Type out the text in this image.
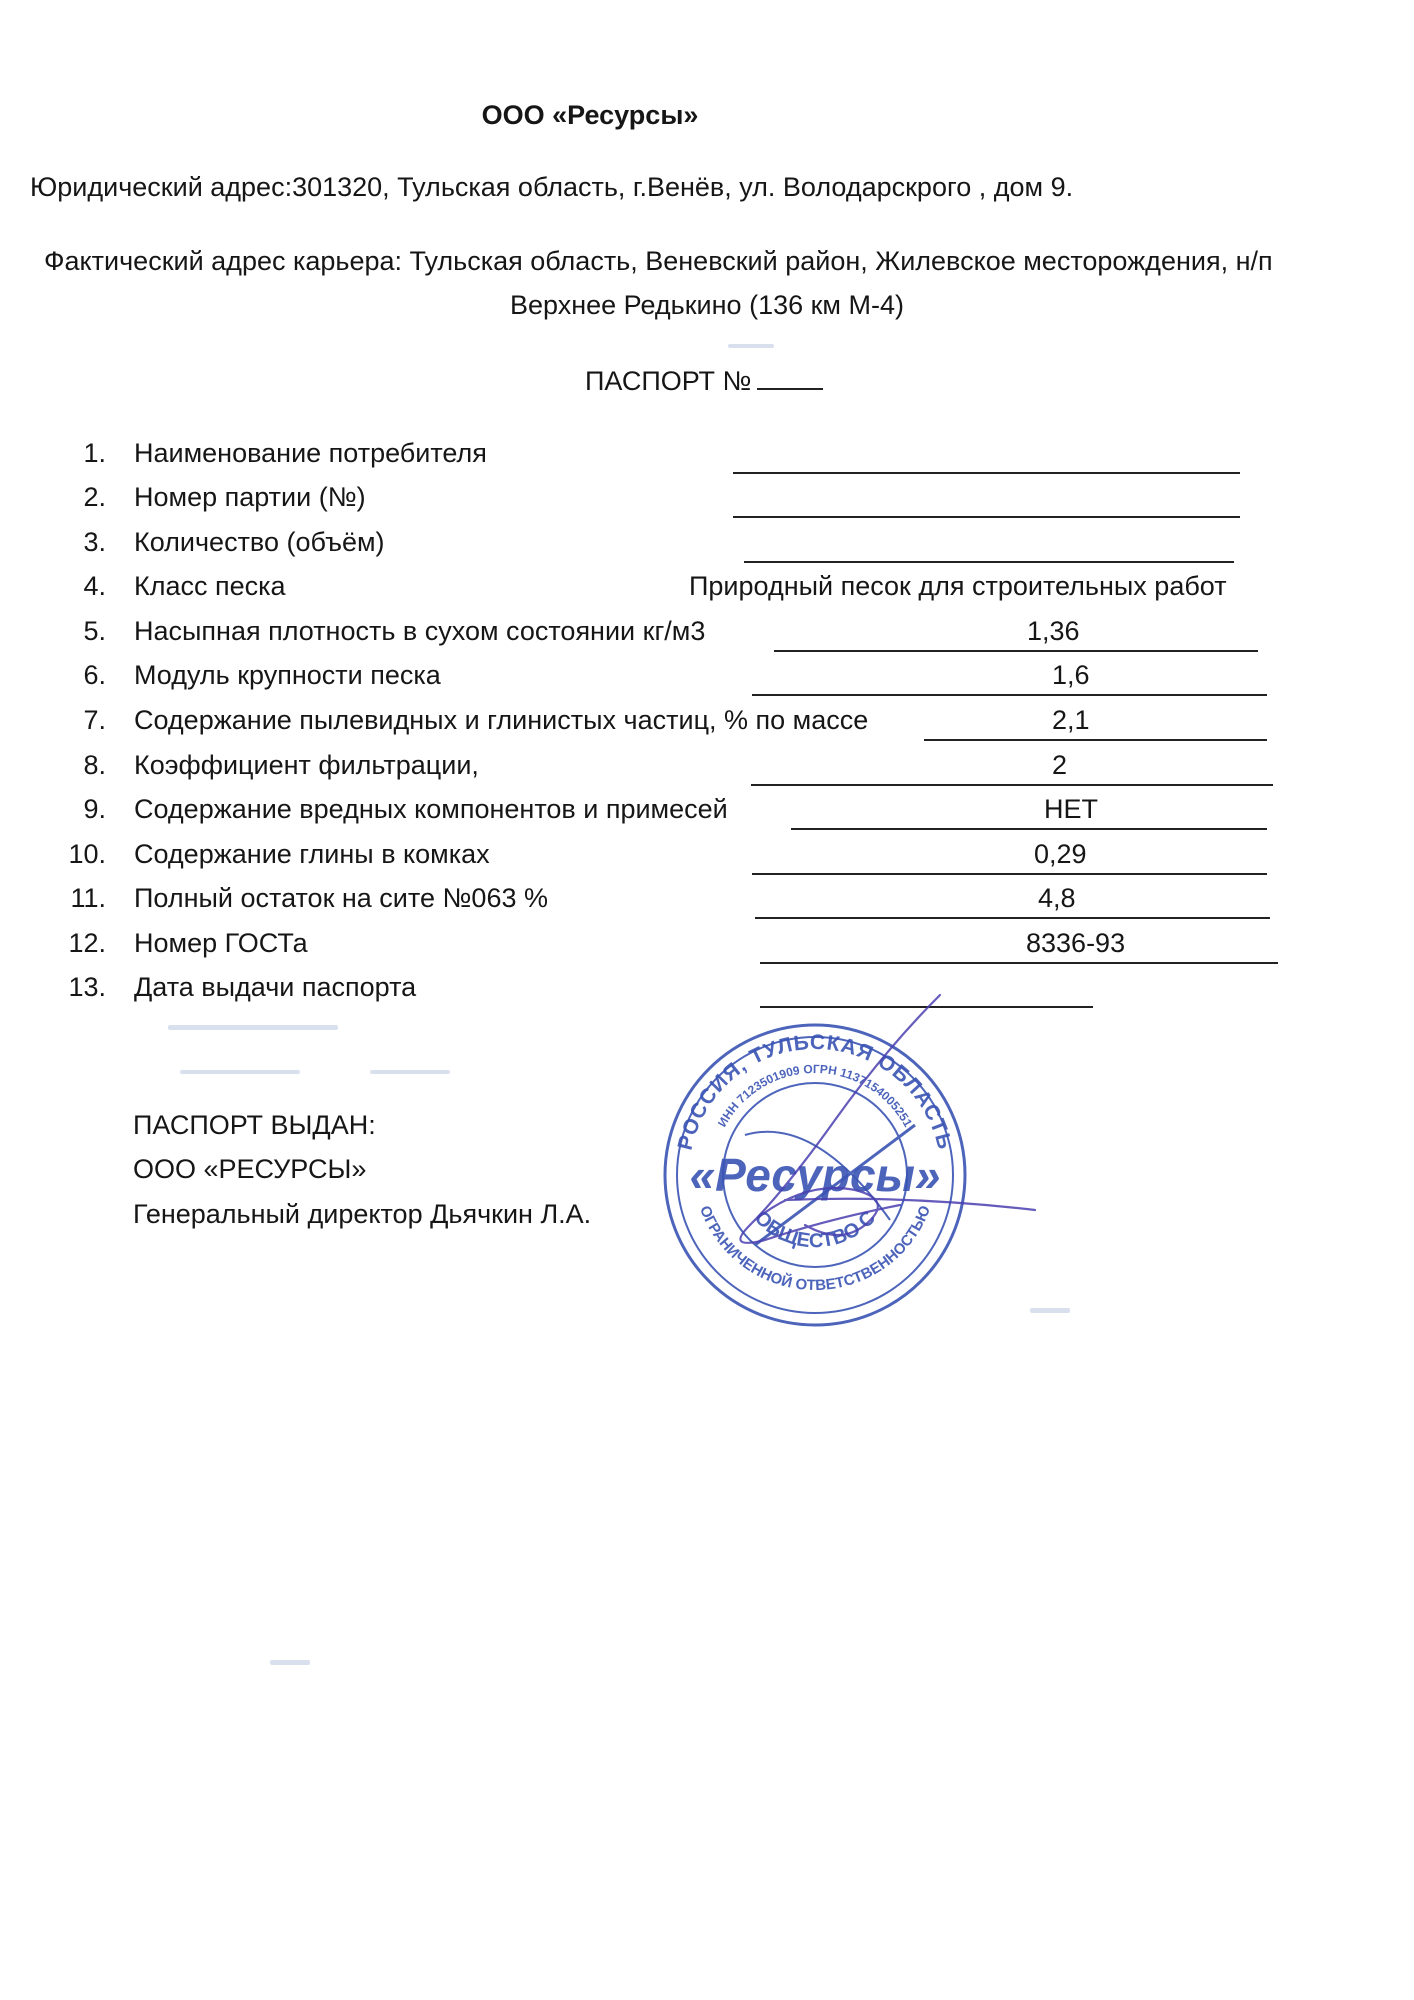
ООО «Ресурсы»
Юридический адрес:301320, Тульская область, г.Венёв, ул. Володарскрого , дом 9.
Фактический адрес карьера: Тульская область, Веневский район, Жилевское месторождения, н/п
Верхнее Редькино (136 км М-4)
ПАСПОРТ №
1. Наименование потребителя
2. Номер партии (№)
3. Количество (объём)
4. Класс песка	Природный песок для строительных работ
5. Насыпная плотность в сухом состоянии кг/м3	1,36
6. Модуль крупности песка	1,6
7. Содержание пылевидных и глинистых частиц, % по массе	2,1
8. Коэффициент фильтрации,	2
9. Содержание вредных компонентов и примесей	НЕТ
10. Содержание глины в комках	0,29
11. Полный остаток на сите №063 %	4,8
12. Номер ГОСТа	8336-93
13. Дата выдачи паспорта
ПАСПОРТ ВЫДАН:
ООО «РЕСУРСЫ»
Генеральный директор Дьячкин Л.А.
РОССИЯ, ТУЛЬСКАЯ ОБЛАСТЬ
ИНН 7123501909 ОГРН 1137154005251
«Ресурсы»
ОБЩЕСТВО С
ОГРАНИЧЕННОЙ ОТВЕТСТВЕННОСТЬЮ
